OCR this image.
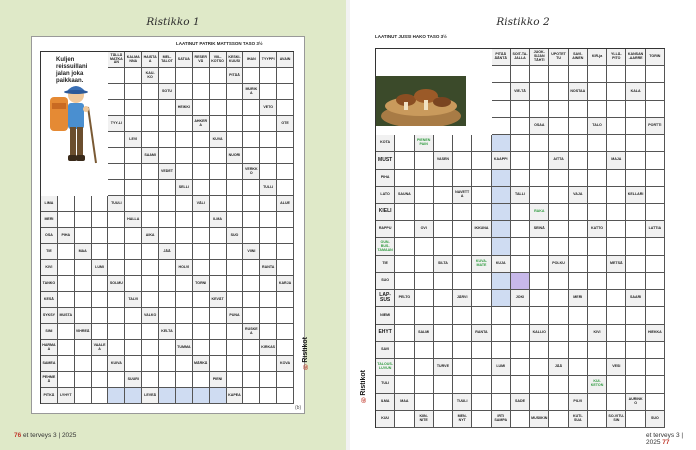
Ristikko 1
LAATINUT PATRIK MATTSSON TASO 3½
Kuljen reissuillani jalan joka paikkaan.
TÄLLÄ MATKAAN
KALMANNA
HAISTAA
MEL-TALOT	SATUA	RESERVÄ
VIIL-KOTSO
KESKI-KUUSI	IHAN	TYYPPI	AVAIN
KAU-KO	PITÄÄ
SOTU	MURIKA
HEIKKI	VETO
TYY-LI	AHKERA	OTE
LEVI	KUVA
SAAMI	NUORI
VEDET	VERKKO
SELLI	TULLI
LIMA	TUULI	VÄLI	ALUE
MERI	HALLA	ILMA
OSA	PIHA	AIKA	SUO
TIE	MAA	JÄÄ	VIINI
KIVI	LUMI	HOLVI	RANTA
TANKO	SOLMU	TORNI	KARJA
KESÄ	TALVI	KEVÄT
SYKSY	MUSTA	VALKO	PUNA
SINI	VIHREÄ	KELTA	RUSKEA
HARMAA
VAALEA	TUMMA	KIRKAS
SAMEA	KUIVA	MÄRKÄ	KOVA
PEHMEÄ	SUURI	PIENI
PITKÄ	LYHYT	LEVEÄ	KAPEA
®Ristikot
(b)
76 et terveys 3 | 2025
Ristikko 2
LAATINUT JUSSI HAKO TASO 3½
PITÄÄ ÄÄNTÄ
SOIT-TA-JALLA
JUOK-SIJAN TÄHTI
UPOTETTU
SAVI-AINEN	KIR-ja	YLLÄ-PITO
KANSAN-AARRE	TORIN
VIE-TÄ	NOSTAA	KALA
OSAA	TALO	PORTTI
KOTA	PIENEN PAIN
MUST	VASEN	KAAPPI	AITTA	MAJA
PIHA
LATO	SAUNA	NAVETTA	TALLI	VAJA	KELLARI
KIELI	RAKA
RAPPU	OVI	IKKUNA	SEINÄ	KATTO	LATTIA
OUN-BUS-TAMAAN
TIE	SILTA	KUVA-MATE	KUJA	POLKU	METSÄ
SUO
LAP-SUS	PELTO	JÄRVI	JOKI	MERI	SAARI
NIEMI
EHYT	SALMI	RANTA	KALLIO	KIVI	HIEKKA
SAVI
TALOUS-LUVUN	TURVE	LUMI	JÄÄ	VESI
TULI	KUI-KETON
ILMA	MAA	TUULI	SADE	PILVI	AURINKO
KUU	KIIN-NITE
MEN-NYT
IRTI SAMPA	MUSIIKIN	KUTI-SUA
SO-VITU-SIN	SUO
®Ristikot
et terveys 3 | 2025 77
